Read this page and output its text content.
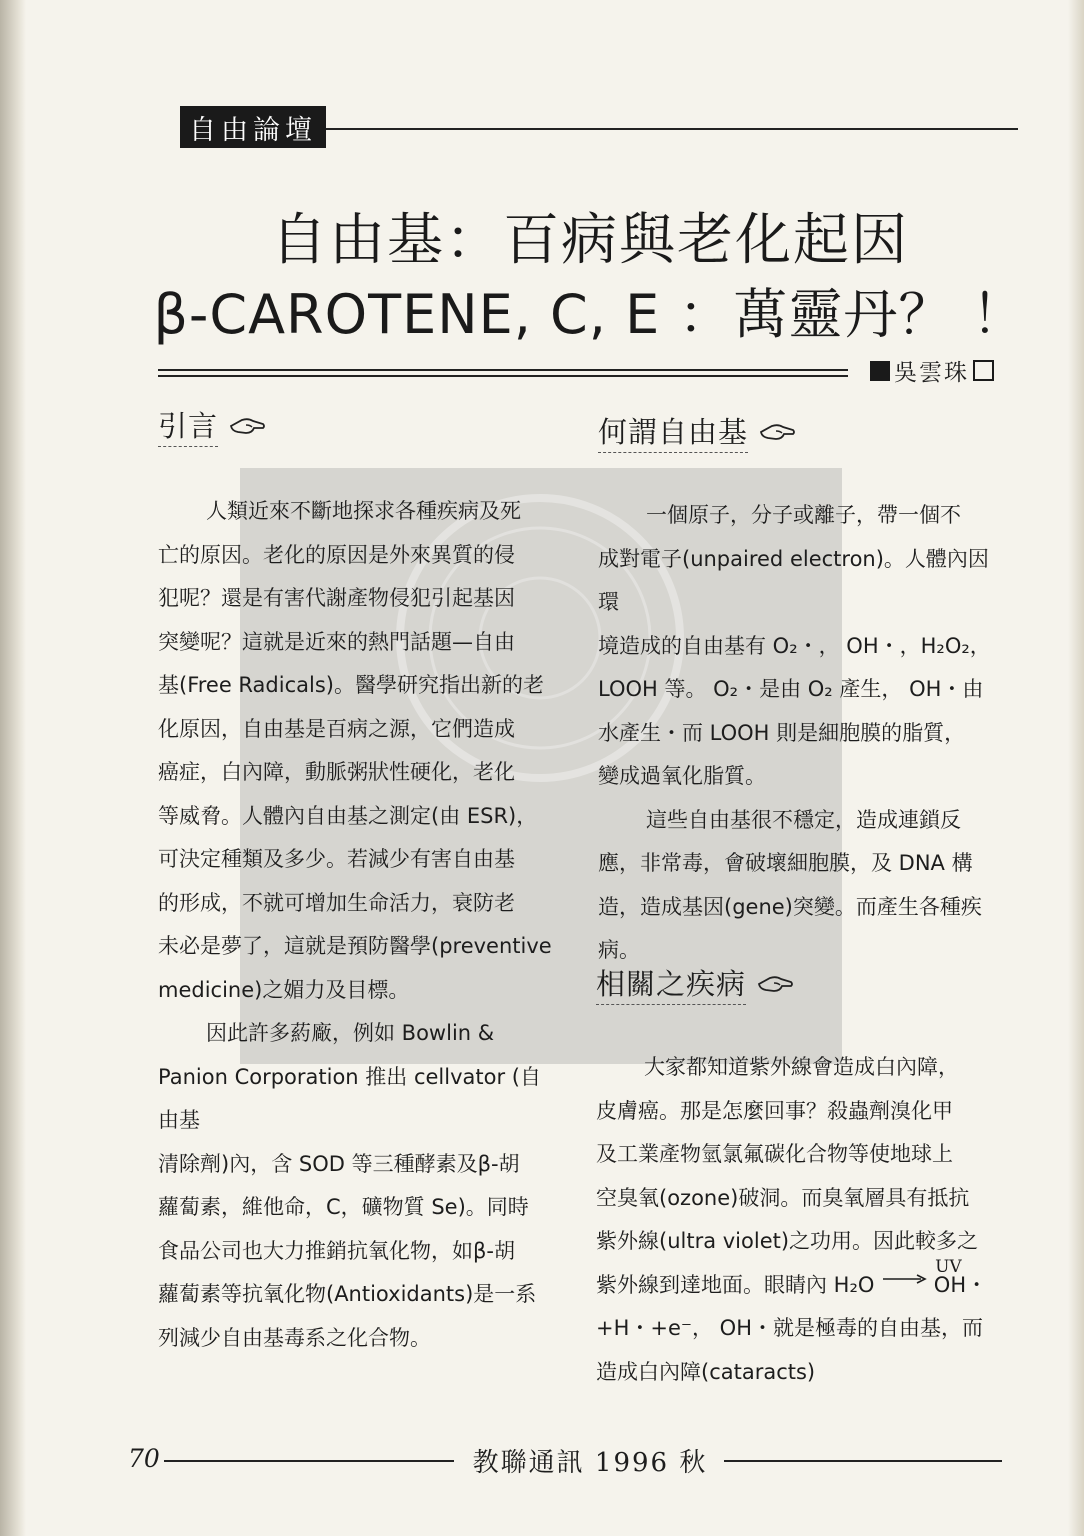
自由論壇
自由基：百病與老化起因
β-CAROTENE, C, E ：萬靈丹？ ！
吳雲珠
引言

人類近來不斷地探求各種疾病及死
亡的原因。老化的原因是外來異質的侵
犯呢？還是有害代謝產物侵犯引起基因
突變呢？這就是近來的熱門話題—自由
基(Free Radicals)。醫學研究指出新的老
化原因，自由基是百病之源，它們造成
癌症，白內障，動脈粥狀性硬化，老化
等威脅。人體內自由基之測定(由 ESR)，
可決定種類及多少。若減少有害自由基
的形成，不就可增加生命活力，衰防老
未必是夢了，這就是預防醫學(preventive
medicine)之媚力及目標。

因此許多葯廠，例如 Bowlin &
Panion Corporation 推出 cellvator (自由基
清除劑)內，含 SOD 等三種酵素及β-胡
蘿蔔素，維他命，C，礦物質 Se)。同時
食品公司也大力推銷抗氧化物，如β-胡
蘿蔔素等抗氧化物(Antioxidants)是一系
列減少自由基毒系之化合物。

何謂自由基

一個原子，分子或離子，帶一個不
成對電子(unpaired electron)。人體內因環
境造成的自由基有 O₂・， OH・，H₂O₂，
LOOH 等。 O₂・是由 O₂ 產生， OH・由
水產生・而 LOOH 則是細胞膜的脂質，
變成過氧化脂質。

這些自由基很不穩定，造成連鎖反
應，非常毒，會破壞細胞膜，及 DNA 構
造，造成基因(gene)突變。而產生各種疾
病。

相關之疾病

大家都知道紫外線會造成白內障，
皮膚癌。那是怎麼回事？殺蟲劑溴化甲
及工業產物氫氯氟碳化合物等使地球上
空臭氧(ozone)破洞。而臭氧層具有抵抗
紫外線(ultra violet)之功用。因此較多之
紫外線到達地面。眼睛內 H₂O
UV
OH・
+H・+e⁻， OH・就是極毒的自由基，而
造成白內障(cataracts)

70	教聯通訊 1996 秋
